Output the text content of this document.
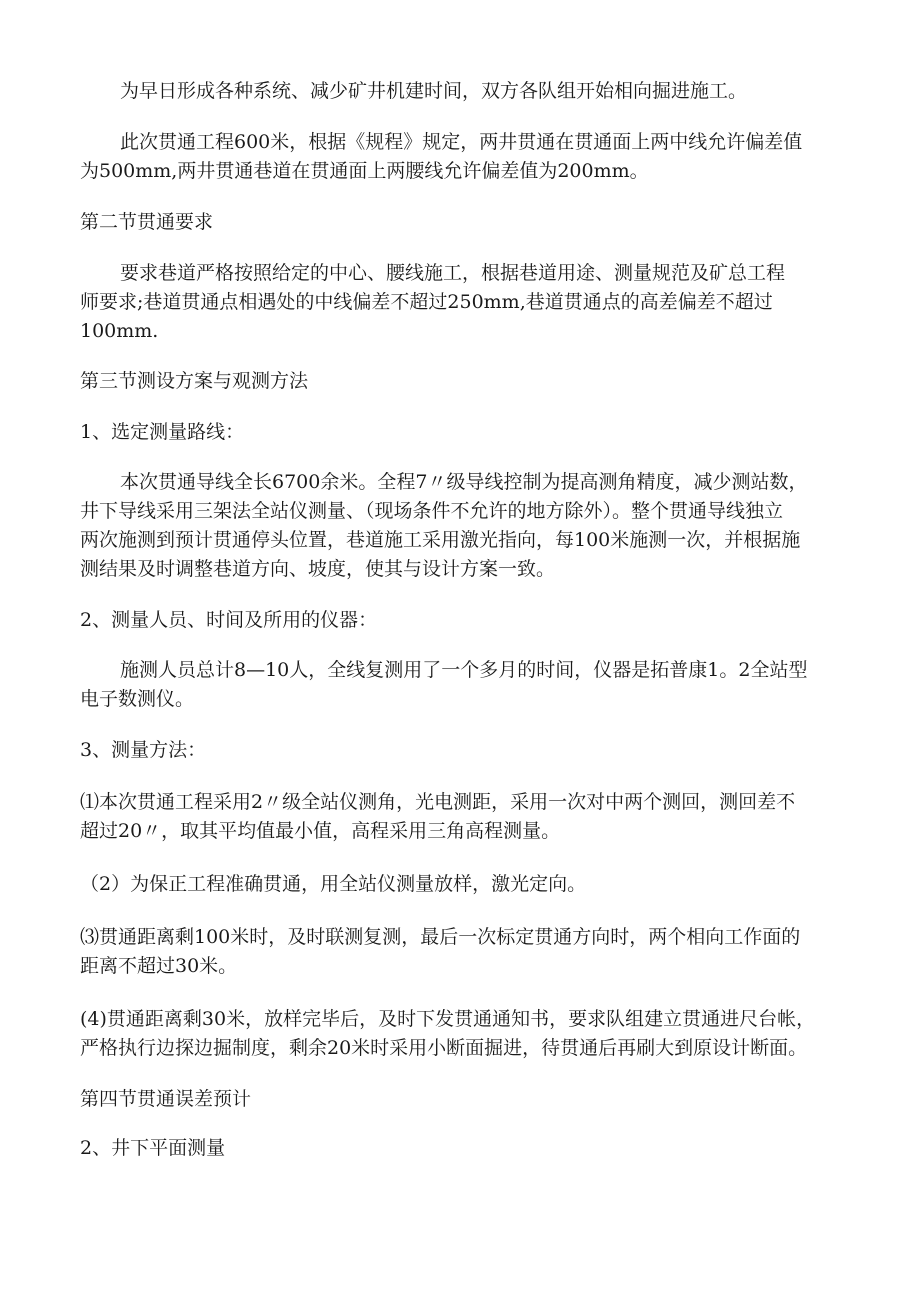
为早日形成各种系统、减少矿井机建时间，双方各队组开始相向掘进施工。

此次贯通工程600米，根据《规程》规定，两井贯通在贯通面上两中线允许偏差值

为500mm,两井贯通巷道在贯通面上两腰线允许偏差值为200mm。

第二节贯通要求

要求巷道严格按照给定的中心、腰线施工，根据巷道用途、测量规范及矿总工程

师要求;巷道贯通点相遇处的中线偏差不超过250mm,巷道贯通点的高差偏差不超过

100mm.

第三节测设方案与观测方法
1、选定测量路线：

本次贯通导线全长6700余米。全程7〃级导线控制为提高测角精度，减少测站数，

井下导线采用三架法全站仪测量、（现场条件不允许的地方除外）。整个贯通导线独立

两次施测到预计贯通停头位置，巷道施工采用激光指向，每100米施测一次，并根据施

测结果及时调整巷道方向、坡度，使其与设计方案一致。

2、测量人员、时间及所用的仪器：

施测人员总计8—10人，全线复测用了一个多月的时间，仪器是拓普康1。2全站型

电子数测仪。

3、测量方法：

⑴本次贯通工程采用2〃级全站仪测角，光电测距，采用一次对中两个测回，测回差不

超过20〃，取其平均值最小值，高程采用三角高程测量。

（2）为保正工程准确贯通，用全站仪测量放样，激光定向。

⑶贯通距离剩100米时，及时联测复测，最后一次标定贯通方向时，两个相向工作面的

距离不超过30米。

(4)贯通距离剩30米，放样完毕后，及时下发贯通通知书，要求队组建立贯通进尺台帐，

严格执行边探边掘制度，剩余20米时采用小断面掘进，待贯通后再刷大到原设计断面。

第四节贯通误差预计
2、井下平面测量
